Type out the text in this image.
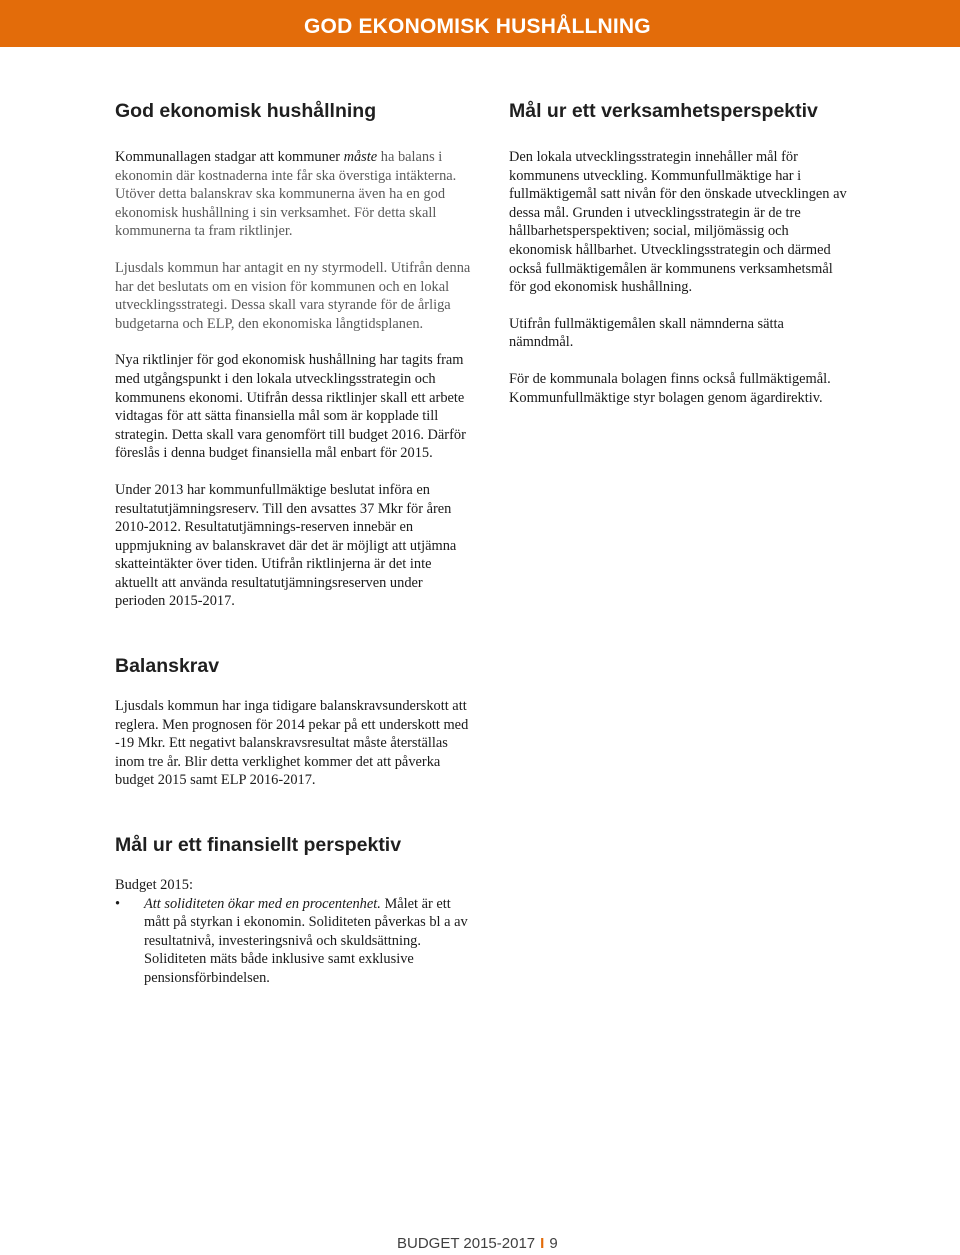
GOD EKONOMISK HUSHÅLLNING
God ekonomisk hushållning

Kommunallagen stadgar att kommuner måste ha balans i ekonomin där kostnaderna inte får ska överstiga intäkterna. Utöver detta balanskrav ska kommunerna även ha en god ekonomisk hushållning i sin verksamhet. För detta skall kommunerna ta fram riktlinjer.

Ljusdals kommun har antagit en ny styrmodell. Utifrån denna har det beslutats om en vision för kommunen och en lokal utvecklingsstrategi. Dessa skall vara styrande för de årliga budgetarna och ELP, den ekonomiska långtidsplanen.

Nya riktlinjer för god ekonomisk hushållning har tagits fram med utgångspunkt i den lokala utvecklingsstrategin och kommunens ekonomi. Utifrån dessa riktlinjer skall ett arbete vidtagas för att sätta finansiella mål som är kopplade till strategin. Detta skall vara genomfört till budget 2016. Därför föreslås i denna budget finansiella mål enbart för 2015.

Under 2013 har kommunfullmäktige beslutat införa en resultatutjämningsreserv. Till den avsattes 37 Mkr för åren 2010-2012. Resultatutjämnings-reserven innebär en uppmjukning av balanskravet där det är möjligt att utjämna skatteintäkter över tiden. Utifrån riktlinjerna är det inte aktuellt att använda resultatutjämningsreserven under perioden 2015-2017.

Balanskrav

Ljusdals kommun har inga tidigare balanskravsunderskott att reglera. Men prognosen för 2014 pekar på ett underskott med -19 Mkr. Ett negativt balanskravsresultat måste återställas inom tre år. Blir detta verklighet kommer det att påverka budget 2015 samt ELP 2016-2017.

Mål ur ett finansiellt perspektiv

Budget 2015:

• Att soliditeten ökar med en procentenhet. Målet är ett mått på styrkan i ekonomin. Soliditeten påverkas bl a av resultatnivå, investeringsnivå och skuldsättning. Soliditeten mäts både inklusive samt exklusive pensionsförbindelsen.
Mål ur ett verksamhetsperspektiv

Den lokala utvecklingsstrategin innehåller mål för kommunens utveckling. Kommunfullmäktige har i fullmäktigemål satt nivån för den önskade utvecklingen av dessa mål. Grunden i utvecklingsstrategin är de tre hållbarhetsperspektiven; social, miljömässig och ekonomisk hållbarhet. Utvecklingsstrategin och därmed också fullmäktigemålen är kommunens verksamhetsmål för god ekonomisk hushållning.

Utifrån fullmäktigemålen skall nämnderna sätta nämndmål.

För de kommunala bolagen finns också fullmäktigemål. Kommunfullmäktige styr bolagen genom ägardirektiv.

BUDGET 2015-2017 I 9
